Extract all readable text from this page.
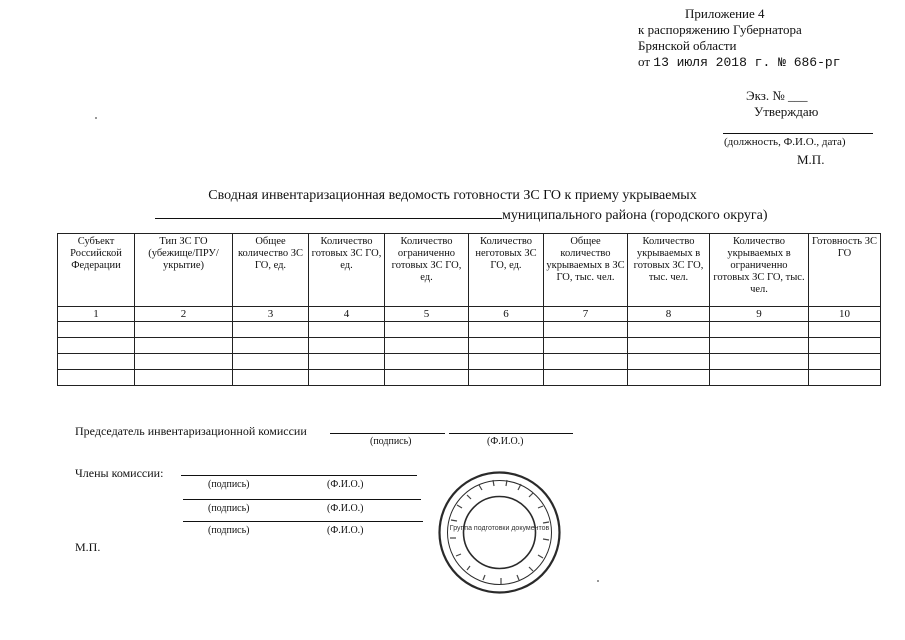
Приложение 4
к распоряжению Губернатора
Брянской области
от 13 июля 2018 г. № 686-рг
Экз. № ___
Утверждаю
(должность, Ф.И.О., дата)
М.П.
Сводная инвентаризационная ведомость готовности ЗС ГО к приему укрываемых
муниципального района (городского округа)
Субъект Российской Федерации	Тип ЗС ГО (убежище/ПРУ/ укрытие)	Общее количество ЗС ГО, ед.	Количество готовых ЗС ГО, ед.	Количество ограниченно готовых ЗС ГО, ед.	Количество неготовых ЗС ГО, ед.	Общее количество укрываемых в ЗС ГО, тыс. чел.	Количество укрываемых в готовых ЗС ГО, тыс. чел.	Количество укрываемых в ограниченно готовых ЗС ГО, тыс. чел.	Готовность ЗС ГО
1	2	3	4	5	6	7	8	9	10

Председатель инвентаризационной комиссии
(подпись)	(Ф.И.О.)
Члены комиссии:
(подпись)	(Ф.И.О.)
(подпись)	(Ф.И.О.)
(подпись)	(Ф.И.О.)
М.П.
Группа подготовки документов
